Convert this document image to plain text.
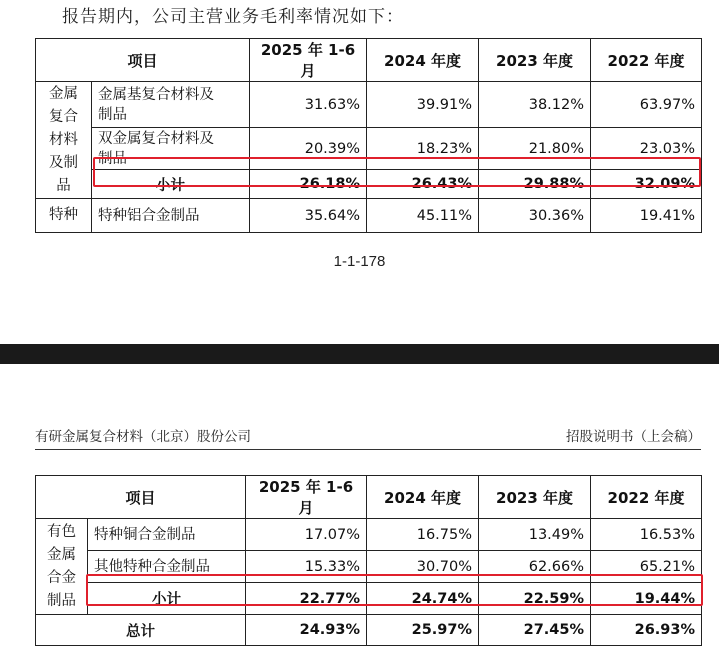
报告期内，公司主营业务毛利率情况如下：
项目		2025 年 1-6 月	2024 年度	2023 年度	2022 年度
金属
复合
材料
及制
品	金属基复合材料及
制品	31.63%	39.91%	38.12%	63.97%
	双金属复合材料及
制品	20.39%	18.23%	21.80%	23.03%
	小计	26.18%	26.43%	29.88%	32.09%
特种	特种铝合金制品	35.64%	45.11%	30.36%	19.41%
1-1-178
有研金属复合材料（北京）股份公司	招股说明书（上会稿）
项目		2025 年 1-6 月	2024 年度	2023 年度	2022 年度
有色
金属
合金
制品	特种铜合金制品	17.07%	16.75%	13.49%	16.53%
	其他特种合金制品	15.33%	30.70%	62.66%	65.21%
	小计	22.77%	24.74%	22.59%	19.44%
总计		24.93%	25.97%	27.45%	26.93%
